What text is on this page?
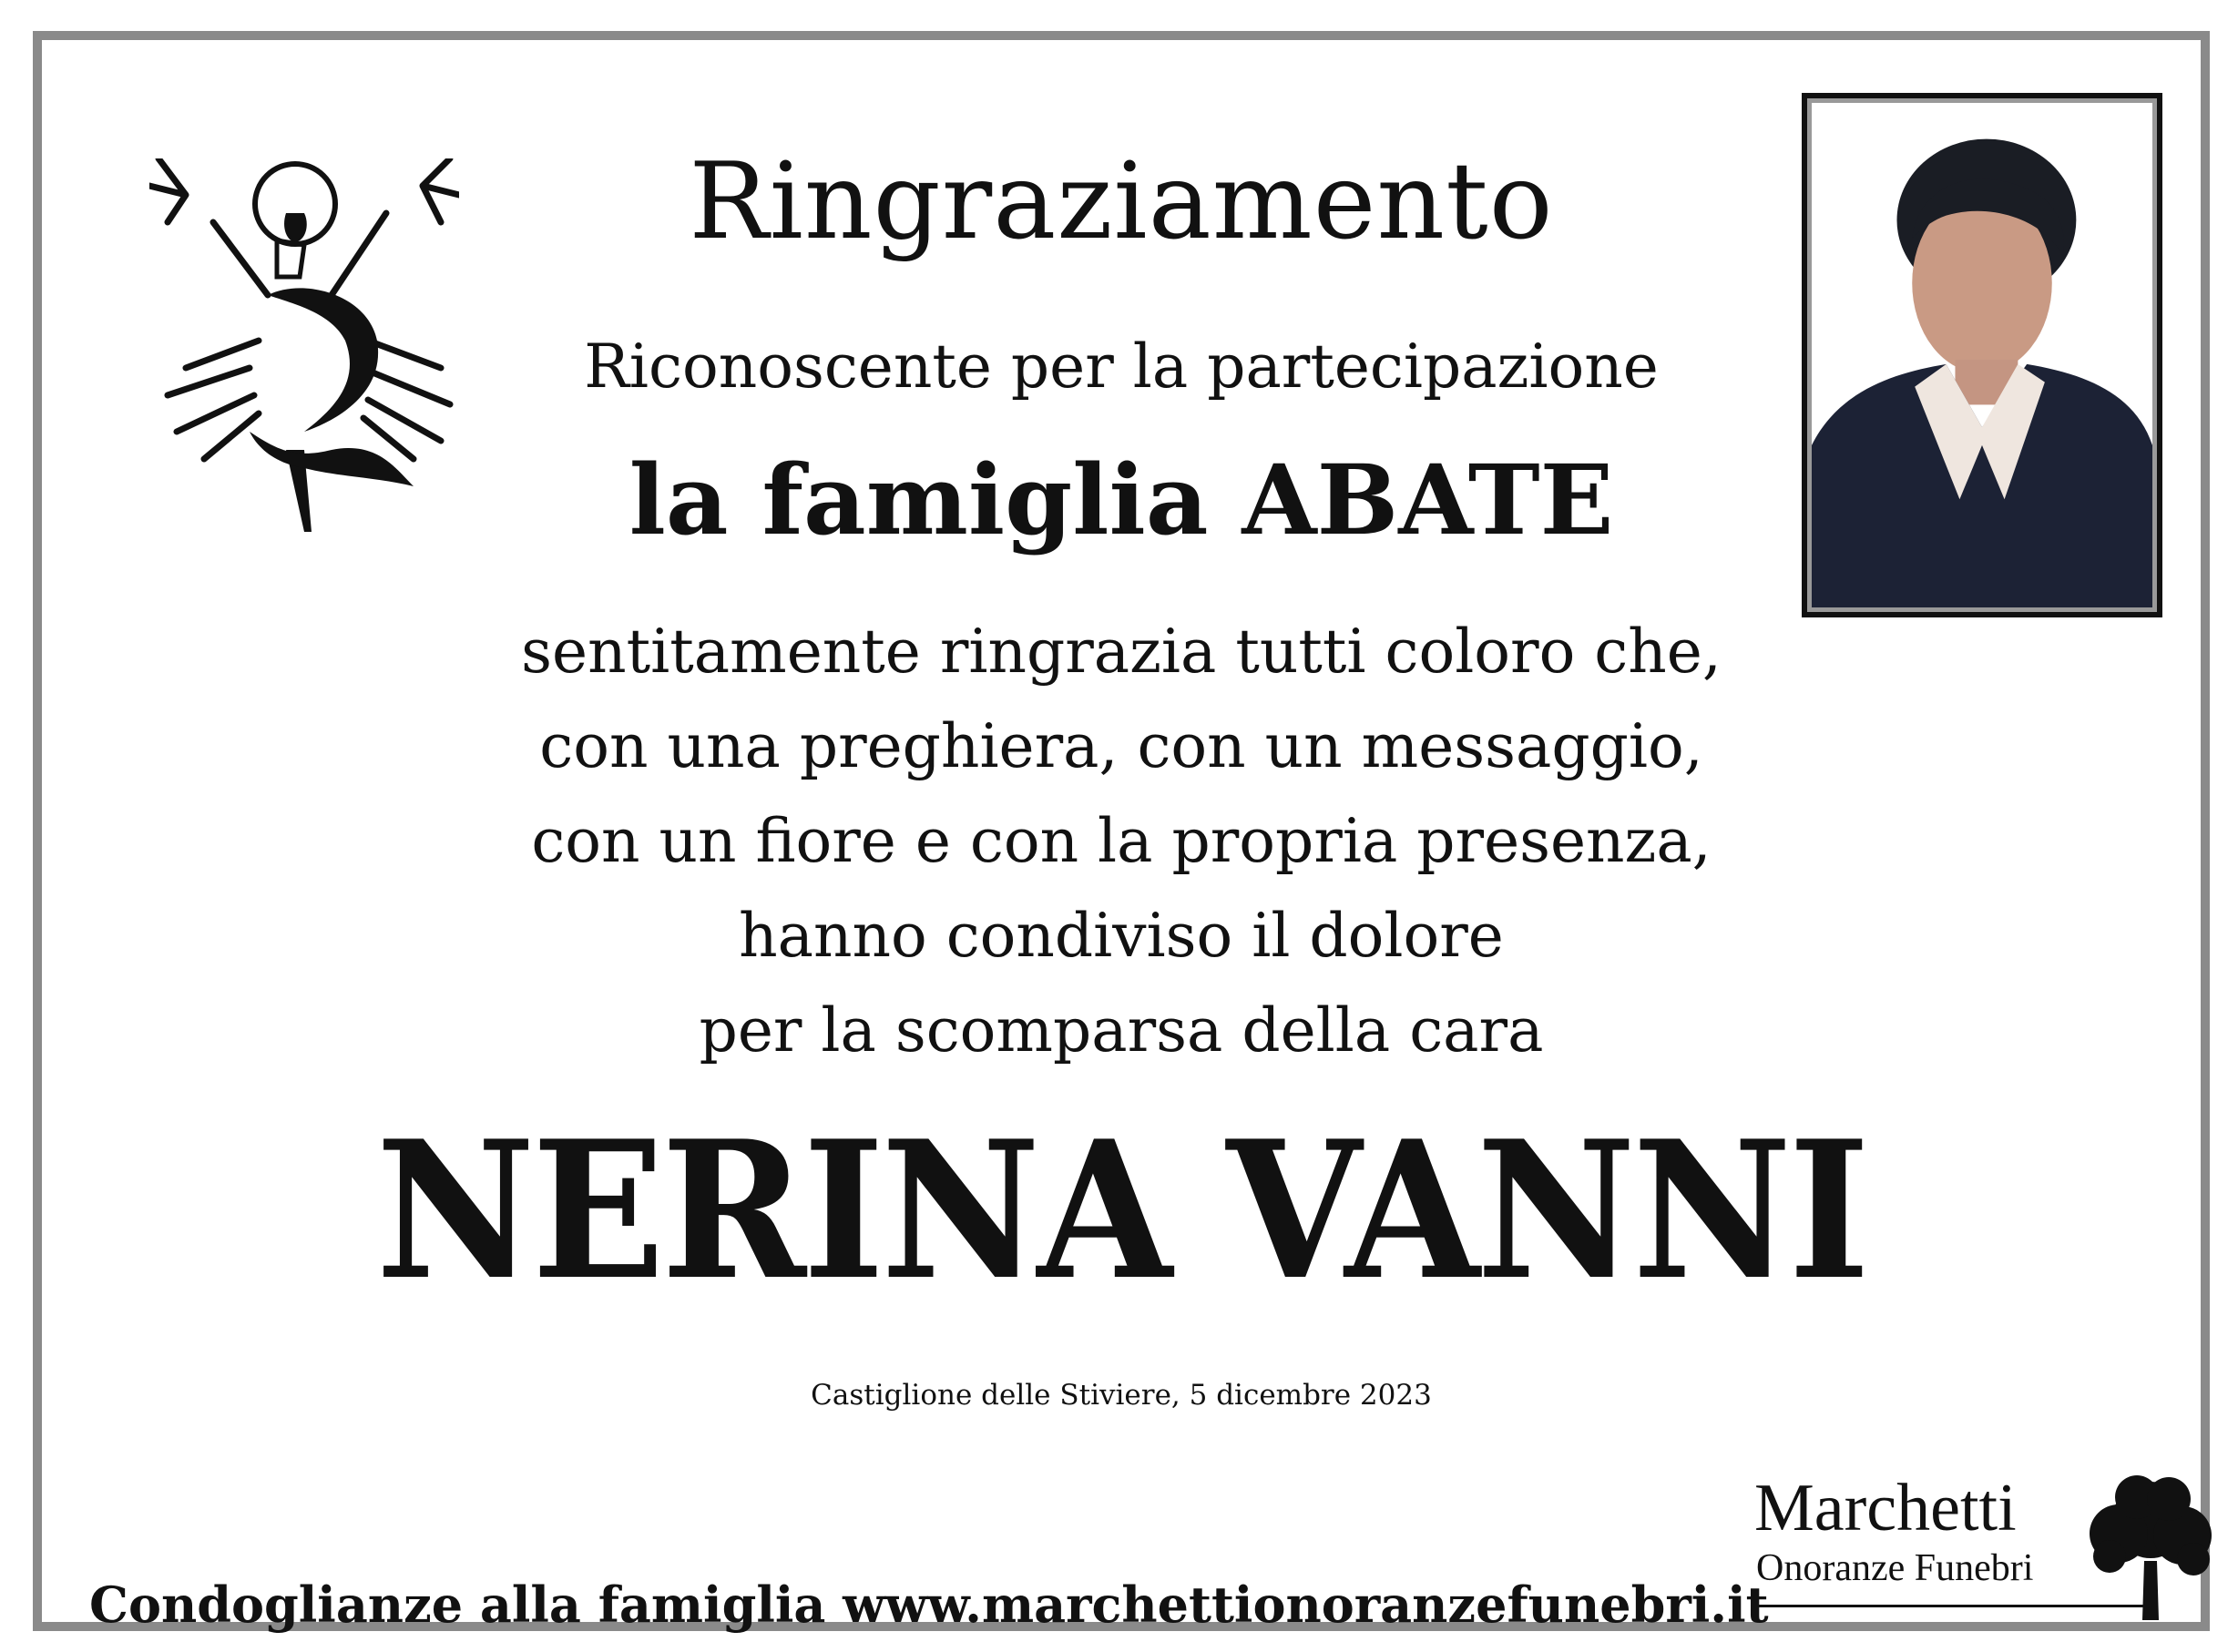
Ringraziamento
Riconoscente per la partecipazione
la famiglia ABATE
sentitamente ringrazia tutti coloro che,
con una preghiera, con un messaggio,
con un fiore e con la propria presenza,
hanno condiviso il dolore
per la scomparsa della cara
NERINA VANNI
Castiglione delle Stiviere, 5 dicembre 2023
Marchetti
Onoranze Funebri
Condoglianze alla famiglia www.marchettionoranzefunebri.it
